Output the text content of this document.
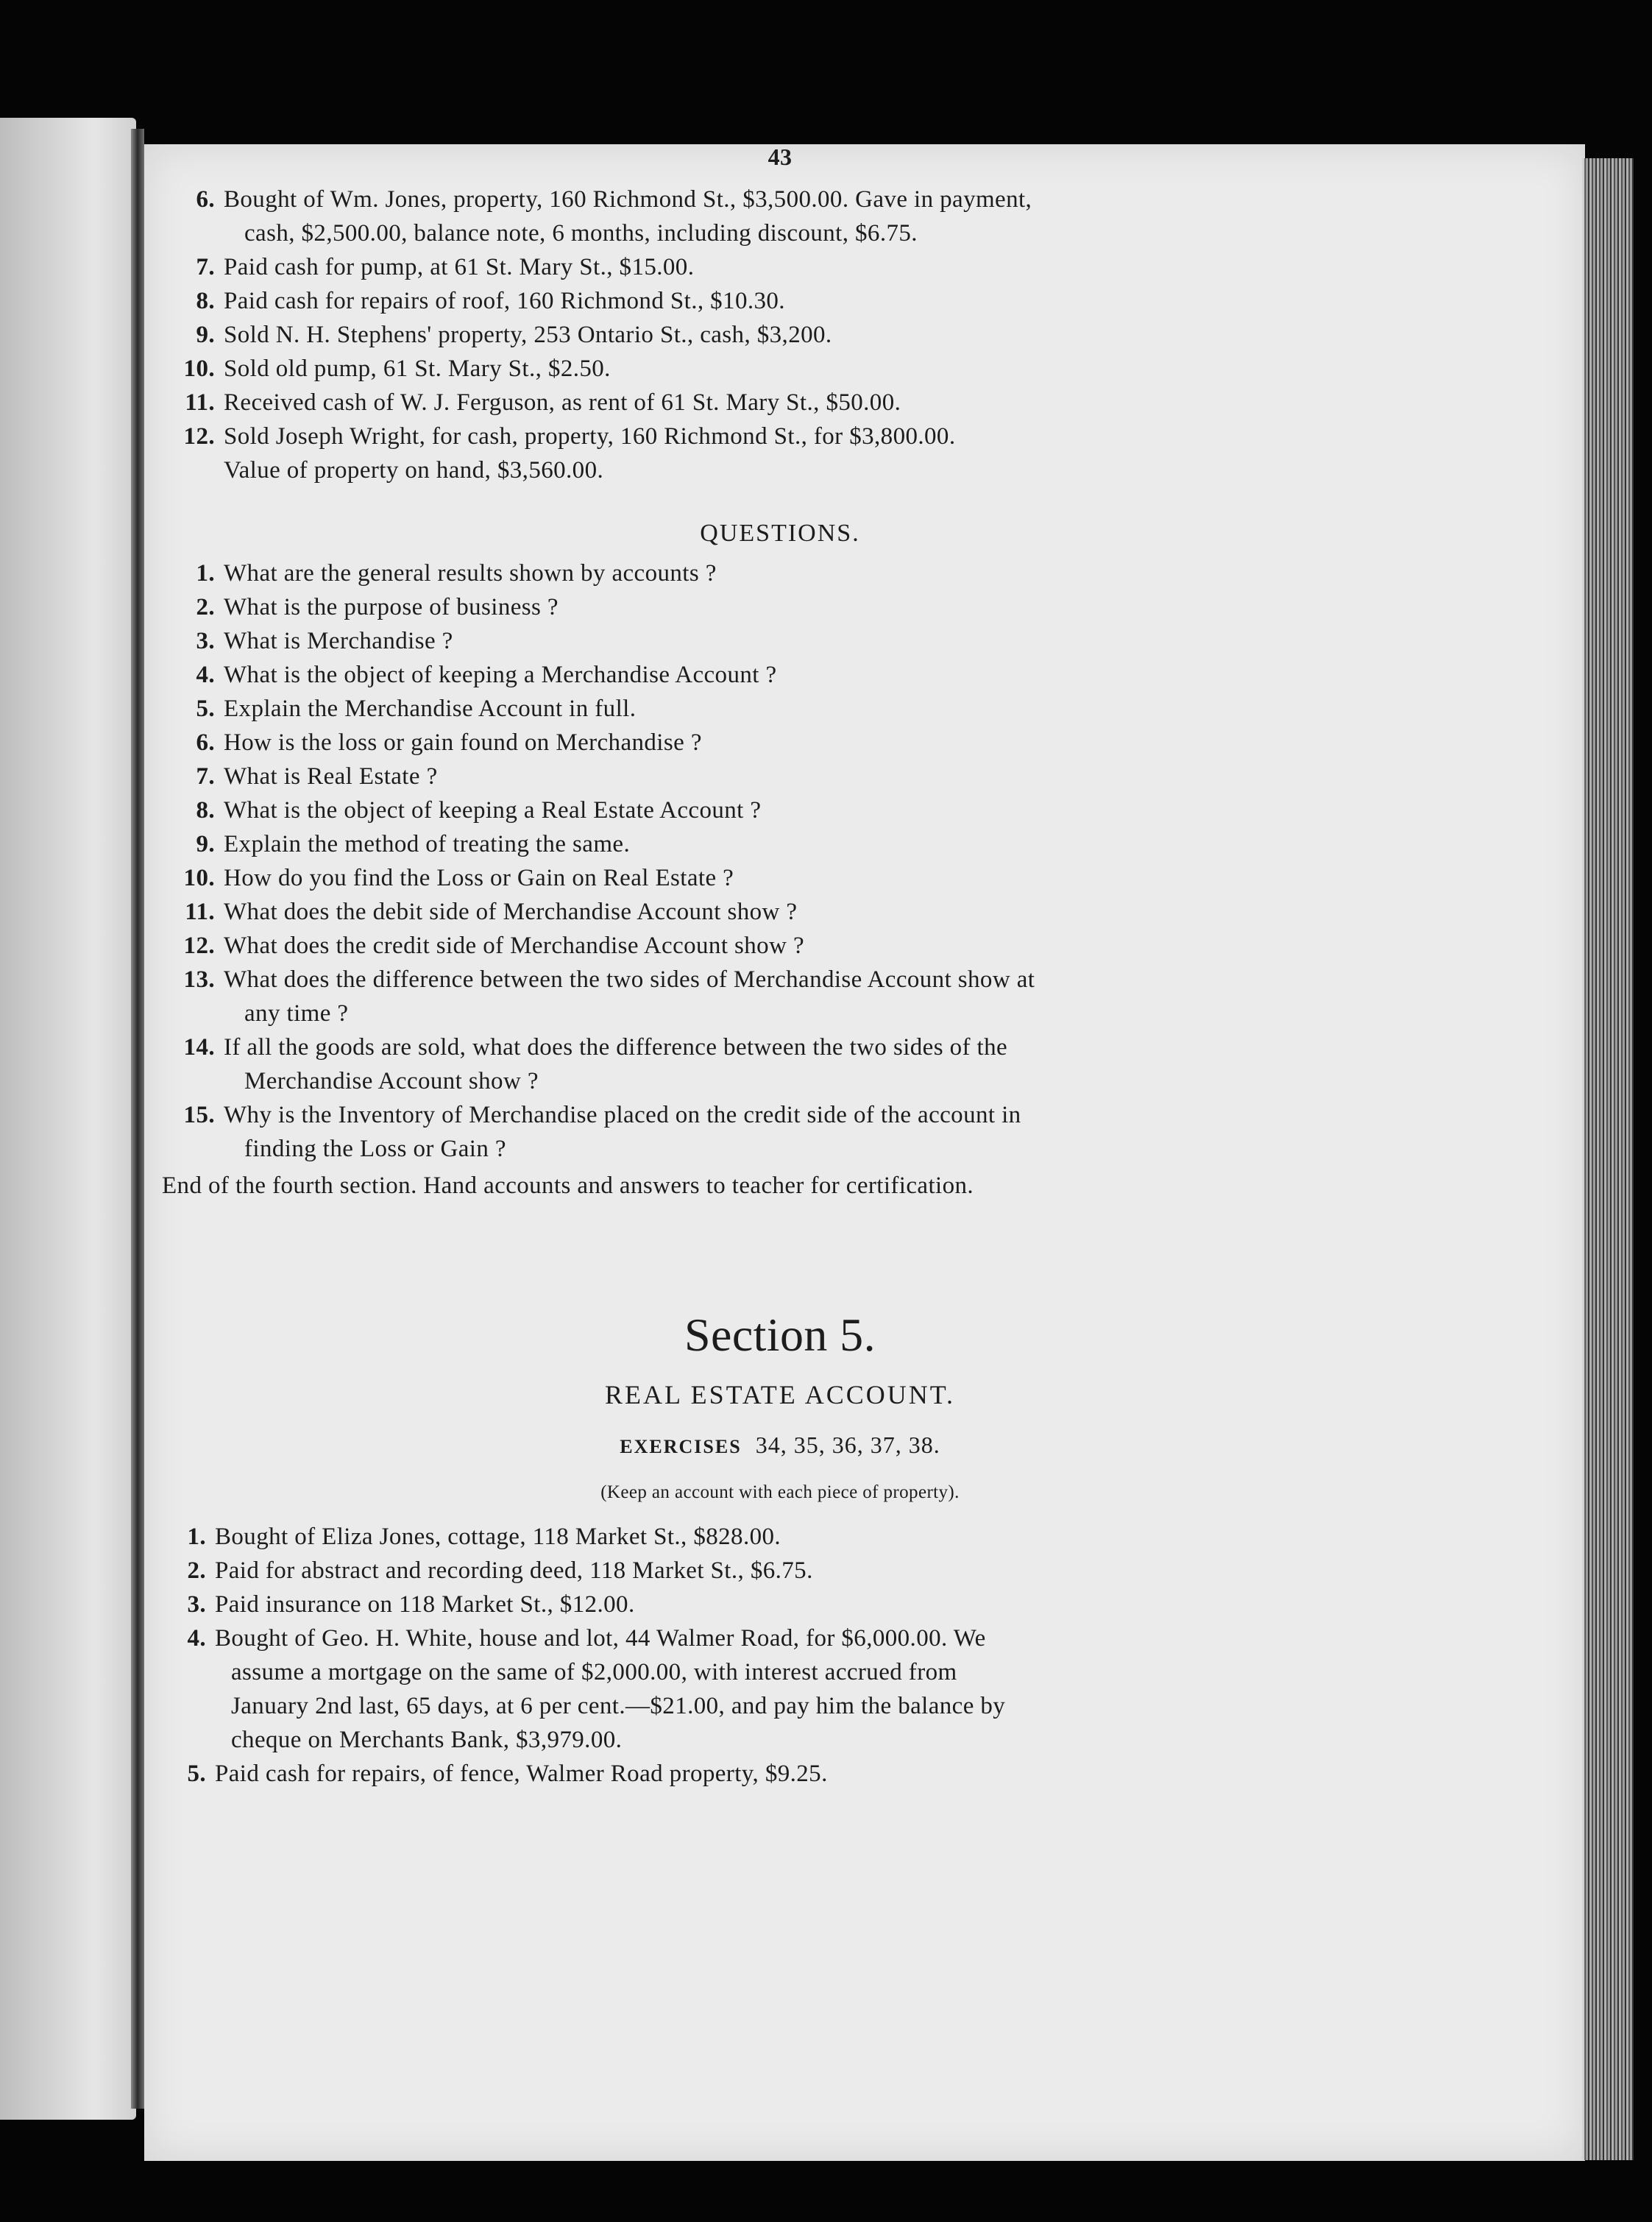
43
6. Bought of Wm. Jones, property, 160 Richmond St., $3,500.00. Gave in payment,
cash, $2,500.00, balance note, 6 months, including discount, $6.75.
7. Paid cash for pump, at 61 St. Mary St., $15.00.
8. Paid cash for repairs of roof, 160 Richmond St., $10.30.
9. Sold N. H. Stephens' property, 253 Ontario St., cash, $3,200.
10. Sold old pump, 61 St. Mary St., $2.50.
11. Received cash of W. J. Ferguson, as rent of 61 St. Mary St., $50.00.
12. Sold Joseph Wright, for cash, property, 160 Richmond St., for $3,800.00.
Value of property on hand, $3,560.00.
QUESTIONS.
1. What are the general results shown by accounts ?
2. What is the purpose of business ?
3. What is Merchandise ?
4. What is the object of keeping a Merchandise Account ?
5. Explain the Merchandise Account in full.
6. How is the loss or gain found on Merchandise ?
7. What is Real Estate ?
8. What is the object of keeping a Real Estate Account ?
9. Explain the method of treating the same.
10. How do you find the Loss or Gain on Real Estate ?
11. What does the debit side of Merchandise Account show ?
12. What does the credit side of Merchandise Account show ?
13. What does the difference between the two sides of Merchandise Account show at
any time ?
14. If all the goods are sold, what does the difference between the two sides of the
Merchandise Account show ?
15. Why is the Inventory of Merchandise placed on the credit side of the account in
finding the Loss or Gain ?
End of the fourth section. Hand accounts and answers to teacher for certification.
Section 5.
REAL ESTATE ACCOUNT.
EXERCISES 34, 35, 36, 37, 38.
(Keep an account with each piece of property).
1. Bought of Eliza Jones, cottage, 118 Market St., $828.00.
2. Paid for abstract and recording deed, 118 Market St., $6.75.
3. Paid insurance on 118 Market St., $12.00.
4. Bought of Geo. H. White, house and lot, 44 Walmer Road, for $6,000.00. We
assume a mortgage on the same of $2,000.00, with interest accrued from
January 2nd last, 65 days, at 6 per cent.—$21.00, and pay him the balance by
cheque on Merchants Bank, $3,979.00.
5. Paid cash for repairs, of fence, Walmer Road property, $9.25.
